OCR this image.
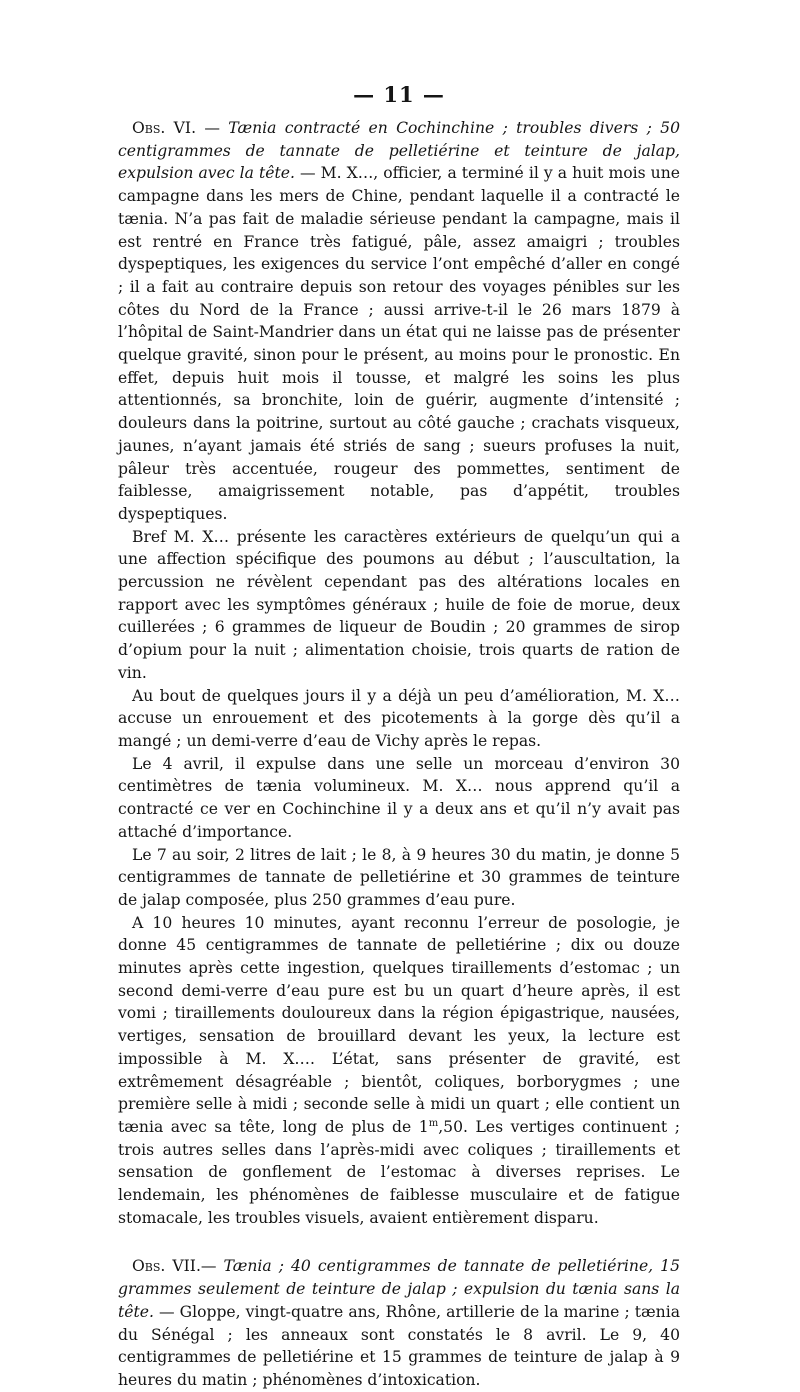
— 11 —

Obs. VI. — Tænia contracté en Cochinchine ; troubles divers ; 50 centigrammes de tannate de pelletiérine et teinture de jalap, expulsion avec la tête. — M. X…, officier, a terminé il y a huit mois une campagne dans les mers de Chine, pendant laquelle il a contracté le tænia. N’a pas fait de maladie sérieuse pendant la campagne, mais il est rentré en France très fatigué, pâle, assez amaigri ; troubles dyspeptiques, les exigences du service l’ont empêché d’aller en congé ; il a fait au contraire depuis son retour des voyages pénibles sur les côtes du Nord de la France ; aussi arrive-t-il le 26 mars 1879 à l’hôpital de Saint-Mandrier dans un état qui ne laisse pas de présenter quelque gravité, sinon pour le présent, au moins pour le pronostic. En effet, depuis huit mois il tousse, et malgré les soins les plus attentionnés, sa bronchite, loin de guérir, augmente d’intensité ; douleurs dans la poitrine, surtout au côté gauche ; crachats visqueux, jaunes, n’ayant jamais été striés de sang ; sueurs profuses la nuit, pâleur très accentuée, rougeur des pommettes, sentiment de faiblesse, amaigrissement notable, pas d’appétit, troubles dyspeptiques.

Bref M. X… présente les caractères extérieurs de quelqu’un qui a une affection spécifique des poumons au début ; l’auscultation, la percussion ne révèlent cependant pas des altérations locales en rapport avec les symptômes généraux ; huile de foie de morue, deux cuillerées ; 6 grammes de liqueur de Boudin ; 20 grammes de sirop d’opium pour la nuit ; alimentation choisie, trois quarts de ration de vin.

Au bout de quelques jours il y a déjà un peu d’amélioration, M. X… accuse un enrouement et des picotements à la gorge dès qu’il a mangé ; un demi-verre d’eau de Vichy après le repas.

Le 4 avril, il expulse dans une selle un morceau d’environ 30 centimètres de tænia volumineux. M. X… nous apprend qu’il a contracté ce ver en Cochinchine il y a deux ans et qu’il n’y avait pas attaché d’importance.

Le 7 au soir, 2 litres de lait ; le 8, à 9 heures 30 du matin, je donne 5 centigrammes de tannate de pelletiérine et 30 grammes de teinture de jalap composée, plus 250 grammes d’eau pure.

A 10 heures 10 minutes, ayant reconnu l’erreur de posologie, je donne 45 centigrammes de tannate de pelletiérine ; dix ou douze minutes après cette ingestion, quelques tiraillements d’estomac ; un second demi-verre d’eau pure est bu un quart d’heure après, il est vomi ; tiraillements douloureux dans la région épigastrique, nausées, vertiges, sensation de brouillard devant les yeux, la lecture est impossible à M. X…. L’état, sans présenter de gravité, est extrêmement désagréable ; bientôt, coliques, borborygmes ; une première selle à midi ; seconde selle à midi un quart ; elle contient un tænia avec sa tête, long de plus de 1$^m$,50. Les vertiges continuent ; trois autres selles dans l’après-midi avec coliques ; tiraillements et sensation de gonflement de l’estomac à diverses reprises. Le lendemain, les phénomènes de faiblesse musculaire et de fatigue stomacale, les troubles visuels, avaient entièrement disparu.

Obs. VII.— Tænia ; 40 centigrammes de tannate de pelletiérine, 15 grammes seulement de teinture de jalap ; expulsion du tænia sans la tête. — Gloppe, vingt-quatre ans, Rhône, artillerie de la marine ; tænia du Sénégal ; les anneaux sont constatés le 8 avril. Le 9, 40 centigrammes de pelletiérine et 15 grammes de teinture de jalap à 9 heures du matin ; phénomènes d’intoxication.
